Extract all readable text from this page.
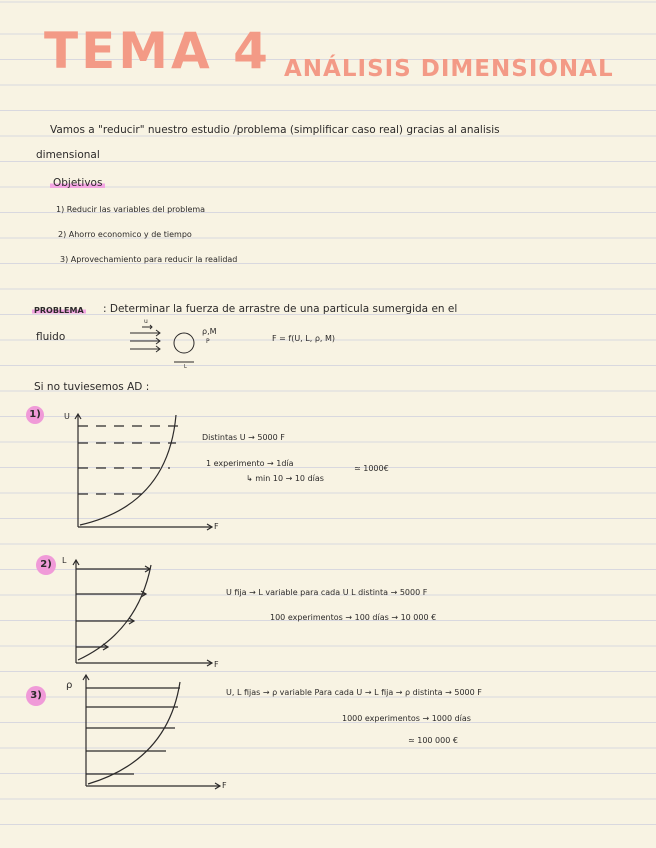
TEMA 4 ANÁLISIS DIMENSIONAL
Vamos a "reducir" nuestro estudio /problema (simplificar caso real) gracias al analisis
dimensional
Objetivos
1) Reducir las variables del problema
2) Ahorro economico y de tiempo
3) Aprovechamiento para reducir la realidad
PROBLEMA : Determinar la fuerza de arrastre de una particula sumergida en el
fluido
u
ρ,M
P
L
F = f(U, L, ρ, M)
Si no tuviesemos AD :
1)	U
F
Distintas U → 5000 F
1 experimento → 1día
↳ min 10 → 10 días
≃ 1000€
2)	L
F
U fija → L variable para cada U L distinta → 5000 F
100 experimentos → 100 días → 10 000 €
3)
ρ
F
U, L fijas → ρ variable Para cada U → L fija → ρ distinta → 5000 F
1000 experimentos → 1000 días
≃ 100 000 €
